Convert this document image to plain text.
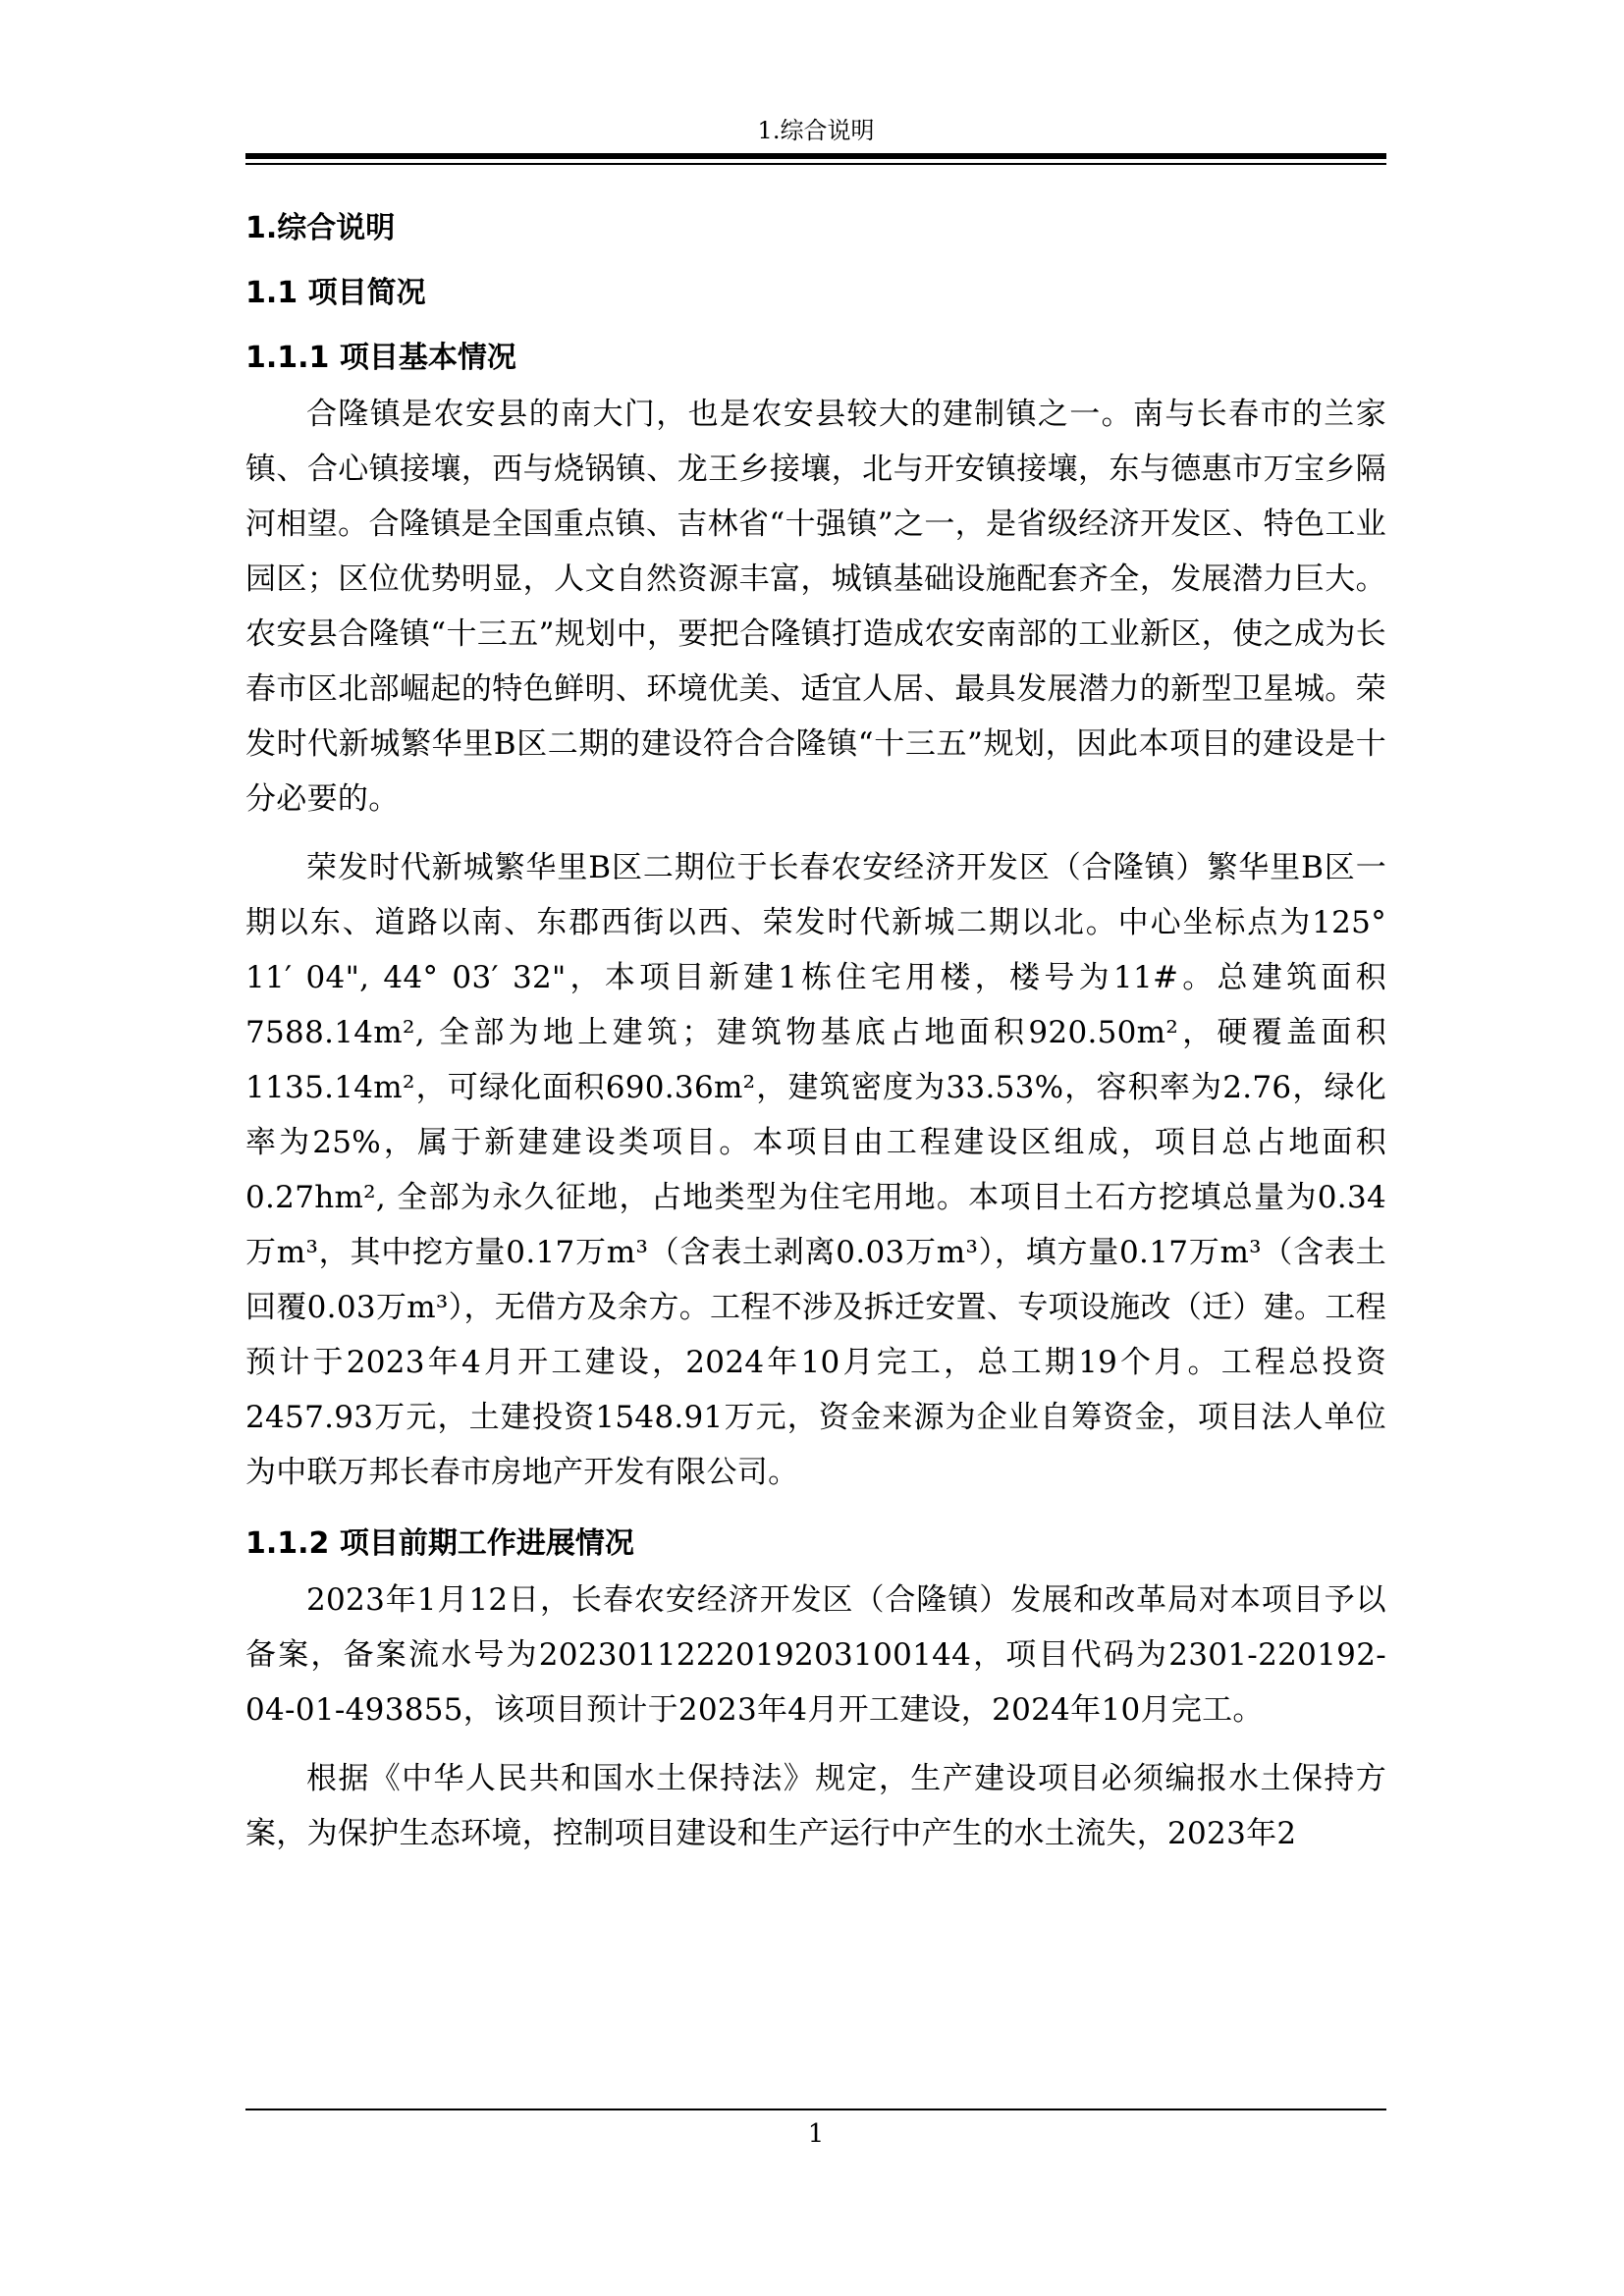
1.综合说明
1.综合说明
1.1 项目简况
1.1.1 项目基本情况

合隆镇是农安县的南大门，也是农安县较大的建制镇之一。南与长春市的兰家镇、合心镇接壤，西与烧锅镇、龙王乡接壤，北与开安镇接壤，东与德惠市万宝乡隔河相望。合隆镇是全国重点镇、吉林省“十强镇”之一，是省级经济开发区、特色工业园区；区位优势明显，人文自然资源丰富，城镇基础设施配套齐全，发展潜力巨大。农安县合隆镇“十三五”规划中，要把合隆镇打造成农安南部的工业新区，使之成为长春市区北部崛起的特色鲜明、环境优美、适宜人居、最具发展潜力的新型卫星城。荣发时代新城繁华里B区二期的建设符合合隆镇“十三五”规划，因此本项目的建设是十分必要的。

荣发时代新城繁华里B区二期位于长春农安经济开发区（合隆镇）繁华里B区一期以东、道路以南、东郡西街以西、荣发时代新城二期以北。中心坐标点为125° 11′ 04", 44° 03′ 32"，本项目新建1栋住宅用楼，楼号为11#。总建筑面积7588.14m², 全部为地上建筑；建筑物基底占地面积920.50m²，硬覆盖面积1135.14m²，可绿化面积690.36m²，建筑密度为33.53%，容积率为2.76，绿化率为25%，属于新建建设类项目。本项目由工程建设区组成，项目总占地面积0.27hm², 全部为永久征地，占地类型为住宅用地。本项目土石方挖填总量为0.34万m³，其中挖方量0.17万m³（含表土剥离0.03万m³），填方量0.17万m³（含表土回覆0.03万m³），无借方及余方。工程不涉及拆迁安置、专项设施改（迁）建。工程预计于2023年4月开工建设，2024年10月完工，总工期19个月。工程总投资2457.93万元，土建投资1548.91万元，资金来源为企业自筹资金，项目法人单位为中联万邦长春市房地产开发有限公司。

1.1.2 项目前期工作进展情况

2023年1月12日，长春农安经济开发区（合隆镇）发展和改革局对本项目予以备案，备案流水号为2023011222019203100144，项目代码为2301-220192-04-01-493855，该项目预计于2023年4月开工建设，2024年10月完工。

根据《中华人民共和国水土保持法》规定，生产建设项目必须编报水土保持方案，为保护生态环境，控制项目建设和生产运行中产生的水土流失，2023年2

1
